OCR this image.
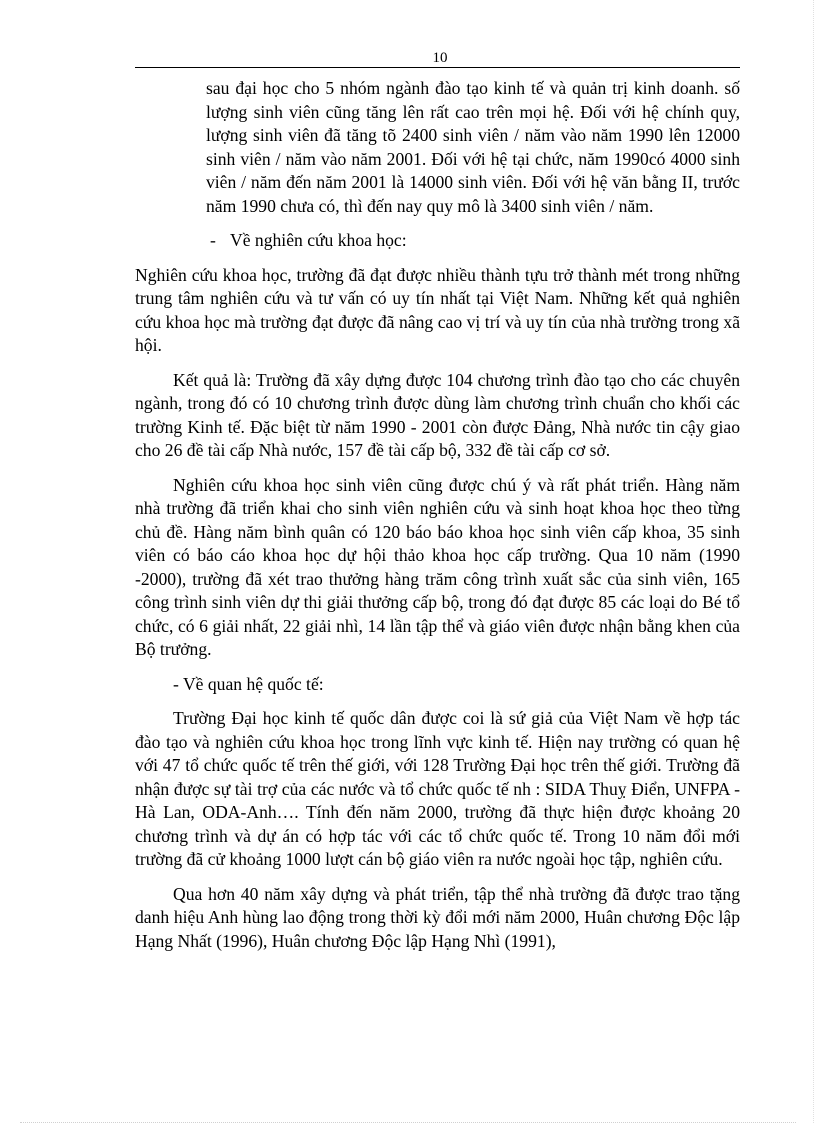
10

sau đại học cho 5 nhóm ngành đào tạo kinh tế và quản trị kinh doanh. số lượng sinh viên cũng tăng lên rất cao trên mọi hệ. Đối với hệ chính quy, lượng sinh viên đã tăng tõ 2400 sinh viên / năm vào năm 1990 lên 12000 sinh viên / năm vào năm 2001. Đối với hệ tại chức, năm 1990có 4000 sinh viên / năm đến năm 2001 là 14000 sinh viên. Đối với hệ văn bằng II, trước năm 1990 chưa có, thì đến nay quy mô là 3400 sinh viên / năm.

- Về nghiên cứu khoa học:

Nghiên cứu khoa học, trường đã đạt được nhiều thành tựu trở thành mét trong những trung tâm nghiên cứu và tư vấn có uy tín nhất tại Việt Nam. Những kết quả nghiên cứu khoa học mà trường đạt được đã nâng cao vị trí và uy tín của nhà trường trong xã hội.

Kết quả là: Trường đã xây dựng được 104 chương trình đào tạo cho các chuyên ngành, trong đó có 10 chương trình được dùng làm chương trình chuẩn cho khối các trường Kinh tế. Đặc biệt từ năm 1990 - 2001 còn được Đảng, Nhà nước tin cậy giao cho 26 đề tài cấp Nhà nước, 157 đề tài cấp bộ, 332 đề tài cấp cơ sở.

Nghiên cứu khoa học sinh viên cũng được chú ý và rất phát triển. Hàng năm nhà trường đã triển khai cho sinh viên nghiên cứu và sinh hoạt khoa học theo từng chủ đề. Hàng năm bình quân có 120 báo báo khoa học sinh viên cấp khoa, 35 sinh viên có báo cáo khoa học dự hội thảo khoa học cấp trường. Qua 10 năm (1990 -2000), trường đã xét trao thưởng hàng trăm công trình xuất sắc của sinh viên, 165 công trình sinh viên dự thi giải thưởng cấp bộ, trong đó đạt được 85 các loại do Bé tổ chức, có 6 giải nhất, 22 giải nhì, 14 lần tập thể và giáo viên được nhận bằng khen của Bộ trưởng.

- Về quan hệ quốc tế:

Trường Đại học kinh tế quốc dân được coi là sứ giả của Việt Nam về hợp tác đào tạo và nghiên cứu khoa học trong lĩnh vực kinh tế. Hiện nay trường có quan hệ với 47 tổ chức quốc tế trên thế giới, với 128 Trường Đại học trên thế giới. Trường đã nhận được sự tài trợ của các nước và tổ chức quốc tế nh : SIDA Thuỵ Điển, UNFPA - Hà Lan, ODA-Anh…. Tính đến năm 2000, trường đã thực hiện được khoảng 20 chương trình và dự án có hợp tác với các tổ chức quốc tế. Trong 10 năm đổi mới trường đã cử khoảng 1000 lượt cán bộ giáo viên ra nước ngoài học tập, nghiên cứu.

Qua hơn 40 năm xây dựng và phát triển, tập thể nhà trường đã được trao tặng danh hiệu Anh hùng lao động trong thời kỳ đổi mới năm 2000, Huân chương Độc lập Hạng Nhất (1996), Huân chương Độc lập Hạng Nhì (1991),
